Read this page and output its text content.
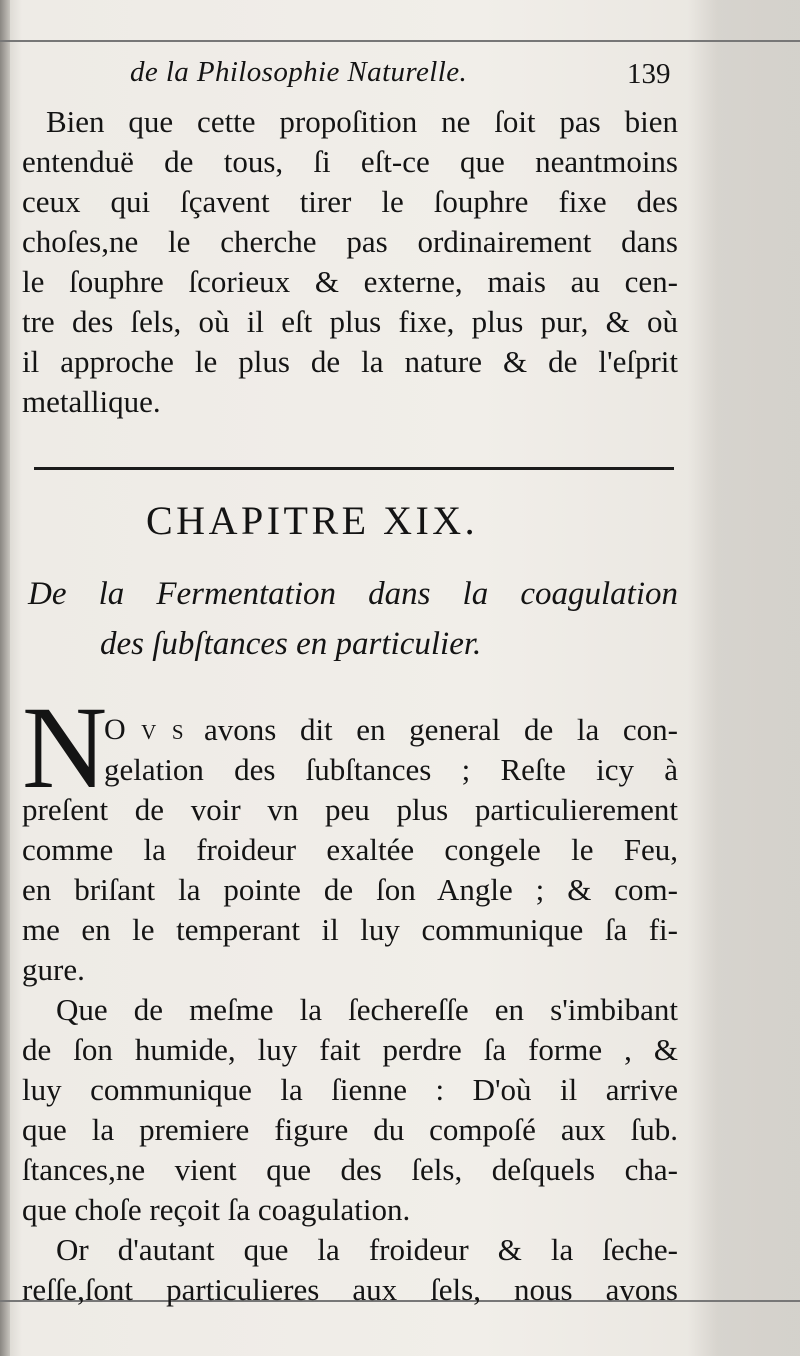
de la Philosophie Naturelle.	139
Bien que cette propoſition ne ſoit pas bien
entenduë de tous, ſi eſt-ce que neantmoins
ceux qui ſçavent tirer le ſouphre fixe des
choſes,ne le cherche pas ordinairement dans
le ſouphre ſcorieux & externe, mais au cen-
tre des ſels, où il eſt plus fixe, plus pur, & où
il approche le plus de la nature & de l'eſprit
metallique.
CHAPITRE XIX.
De la Fermentation dans la coagulation
des ſubſtances en particulier.
N
O v s avons dit en general de la con-
gelation des ſubſtances ; Reſte icy à
preſent de voir vn peu plus particulierement
comme la froideur exaltée congele le Feu,
en briſant la pointe de ſon Angle ; & com-
me en le temperant il luy communique ſa fi-
gure.
Que de meſme la ſechereſſe en s'imbibant
de ſon humide, luy fait perdre ſa forme , &
luy communique la ſienne : D'où il arrive
que la premiere figure du compoſé aux ſub.
ſtances,ne vient que des ſels, deſquels cha-
que choſe reçoit ſa coagulation.
Or d'autant que la froideur & la ſeche-
reſſe,ſont particulieres aux ſels, nous avons
